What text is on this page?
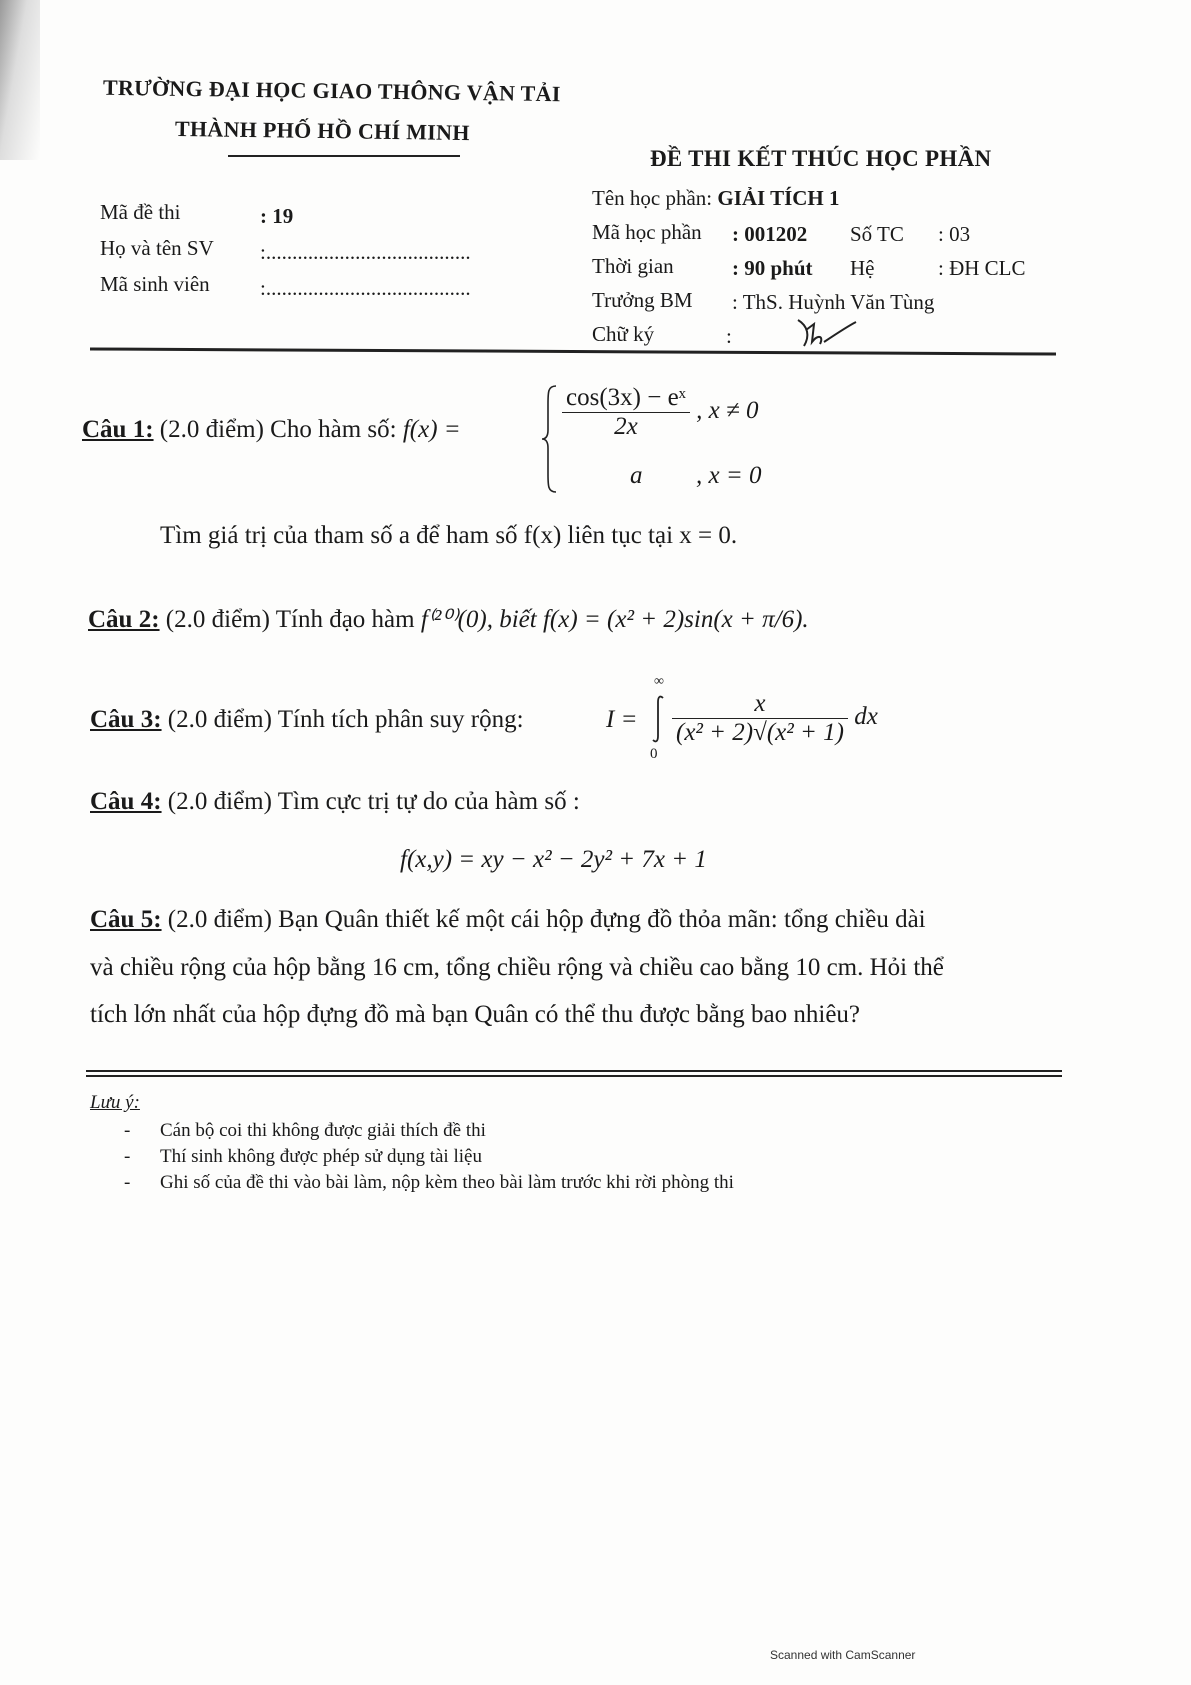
TRƯỜNG ĐẠI HỌC GIAO THÔNG VẬN TẢI
THÀNH PHỐ HỒ CHÍ MINH
ĐỀ THI KẾT THÚC HỌC PHẦN
Mã đề thi	: 19
Họ và tên SV :.......................................
Mã sinh viên :.......................................
Tên học phần: GIẢI TÍCH 1
Mã học phần : 001202 Số TC : 03
Thời gian	: 90 phút Hệ	: ĐH CLC
Trưởng BM : ThS. Huỳnh Văn Tùng
Chữ ký	:
Câu 1: (2.0 điểm) Cho hàm số: f(x) =	$\frac{\text{cos(3x) − eˣ}}{2x}$ , x ≠ 0
a , x = 0
Tìm giá trị của tham số a để ham số f(x) liên tục tại x = 0.
Câu 2: (2.0 điểm) Tính đạo hàm f⁽²⁰⁾(0), biết f(x) = (x² + 2)sin(x + π/6).
Câu 3: (2.0 điểm) Tính tích phân suy rộng:	I =
∞
0
$\frac{x}{\text{(x² + 2)√(x² + 1)}}$ dx
Câu 4: (2.0 điểm) Tìm cực trị tự do của hàm số :
f(x,y) = xy − x² − 2y² + 7x + 1
Câu 5: (2.0 điểm) Bạn Quân thiết kế một cái hộp đựng đồ thỏa mãn: tổng chiều dài
và chiều rộng của hộp bằng 16 cm, tổng chiều rộng và chiều cao bằng 10 cm. Hỏi thể
tích lớn nhất của hộp đựng đồ mà bạn Quân có thể thu được bằng bao nhiêu?
Lưu ý:
- Cán bộ coi thi không được giải thích đề thi
- Thí sinh không được phép sử dụng tài liệu
- Ghi số của đề thi vào bài làm, nộp kèm theo bài làm trước khi rời phòng thi
Scanned with CamScanner
